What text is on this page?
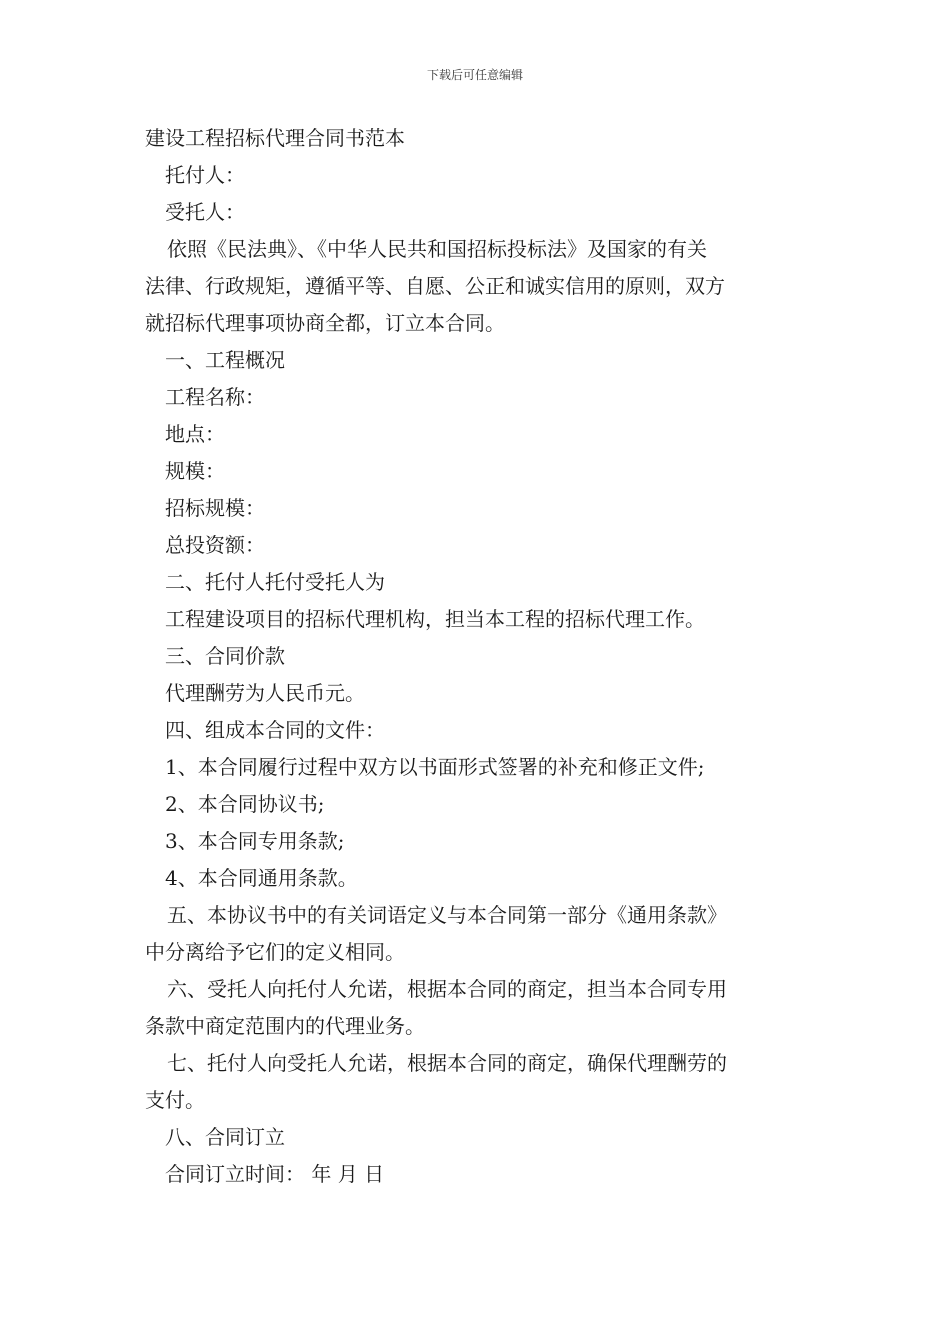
下载后可任意编辑
建设工程招标代理合同书范本
托付人：
受托人：
依照《民法典》、《中华人民共和国招标投标法》及国家的有关
法律、行政规矩，遵循平等、自愿、公正和诚实信用的原则，双方
就招标代理事项协商全都，订立本合同。
一、工程概况
工程名称：
地点：
规模：
招标规模：
总投资额：
二、托付人托付受托人为
工程建设项目的招标代理机构，担当本工程的招标代理工作。
三、合同价款
代理酬劳为人民币元。
四、组成本合同的文件：
1、本合同履行过程中双方以书面形式签署的补充和修正文件;
2、本合同协议书;
3、本合同专用条款;
4、本合同通用条款。
五、本协议书中的有关词语定义与本合同第一部分《通用条款》
中分离给予它们的定义相同。
六、受托人向托付人允诺，根据本合同的商定，担当本合同专用
条款中商定范围内的代理业务。
七、托付人向受托人允诺，根据本合同的商定，确保代理酬劳的
支付。
八、合同订立
合同订立时间： 年 月 日
